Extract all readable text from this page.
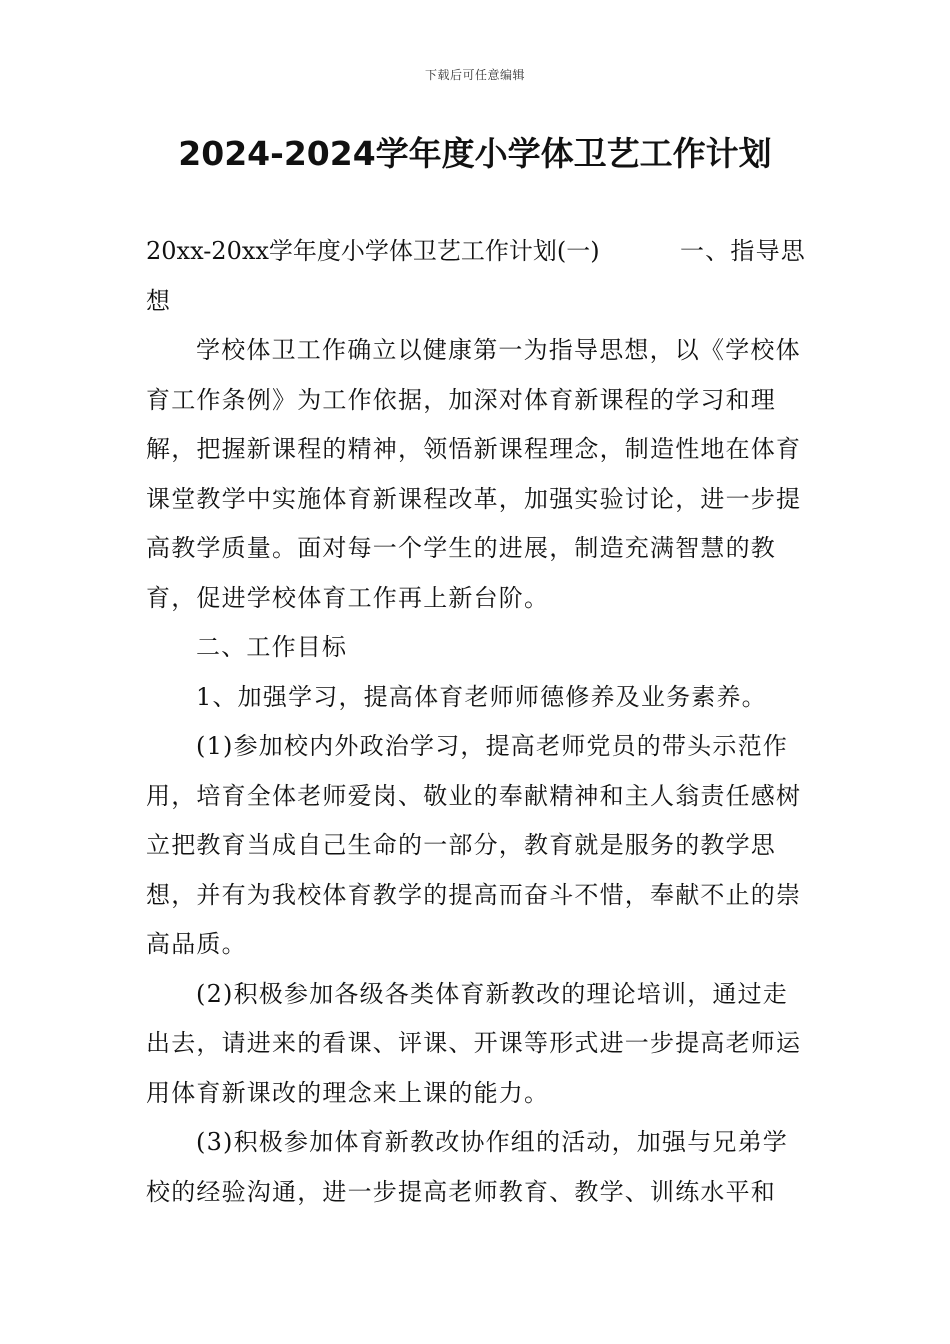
下载后可任意编辑
2024-2024学年度小学体卫艺工作计划
20xx-20xx学年度小学体卫艺工作计划(一)	一、指导思

想

学校体卫工作确立以健康第一为指导思想，以《学校体育工作条例》为工作依据，加深对体育新课程的学习和理解，把握新课程的精神，领悟新课程理念，制造性地在体育课堂教学中实施体育新课程改革，加强实验讨论，进一步提高教学质量。面对每一个学生的进展，制造充满智慧的教育，促进学校体育工作再上新台阶。

二、工作目标

1、加强学习，提高体育老师师德修养及业务素养。

(1)参加校内外政治学习，提高老师党员的带头示范作用，培育全体老师爱岗、敬业的奉献精神和主人翁责任感树立把教育当成自己生命的一部分，教育就是服务的教学思想，并有为我校体育教学的提高而奋斗不惜，奉献不止的崇高品质。

(2)积极参加各级各类体育新教改的理论培训，通过走出去，请进来的看课、评课、开课等形式进一步提高老师运用体育新课改的理念来上课的能力。

(3)积极参加体育新教改协作组的活动，加强与兄弟学校的经验沟通，进一步提高老师教育、教学、训练水平和
